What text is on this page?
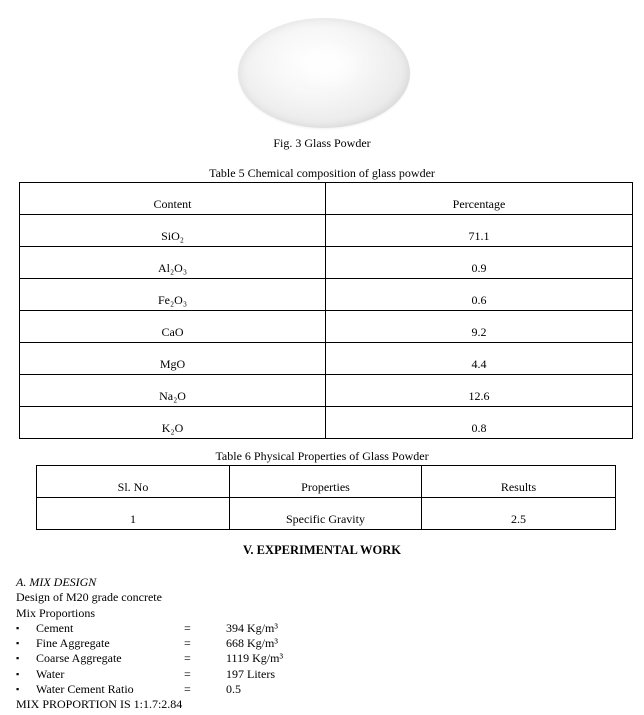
Fig. 3 Glass Powder
Table 5 Chemical composition of glass powder
Content	Percentage
SiO₂	71.1
Al₂O₃	0.9
Fe₂O₃	0.6
CaO	9.2
MgO	4.4
Na₂O	12.6
K₂O	0.8
Table 6 Physical Properties of Glass Powder
Sl. No	Properties	Results
1	Specific Gravity	2.5
V. EXPERIMENTAL WORK
A. MIX DESIGN
Design of M20 grade concrete
Mix Proportions
▪ Cement	=	394 Kg/m³
▪ Fine Aggregate	=	668 Kg/m³
▪ Coarse Aggregate	=	1119 Kg/m³
▪ Water	=	197 Liters
▪ Water Cement Ratio	=	0.5
MIX PROPORTION IS 1:1.7:2.84
